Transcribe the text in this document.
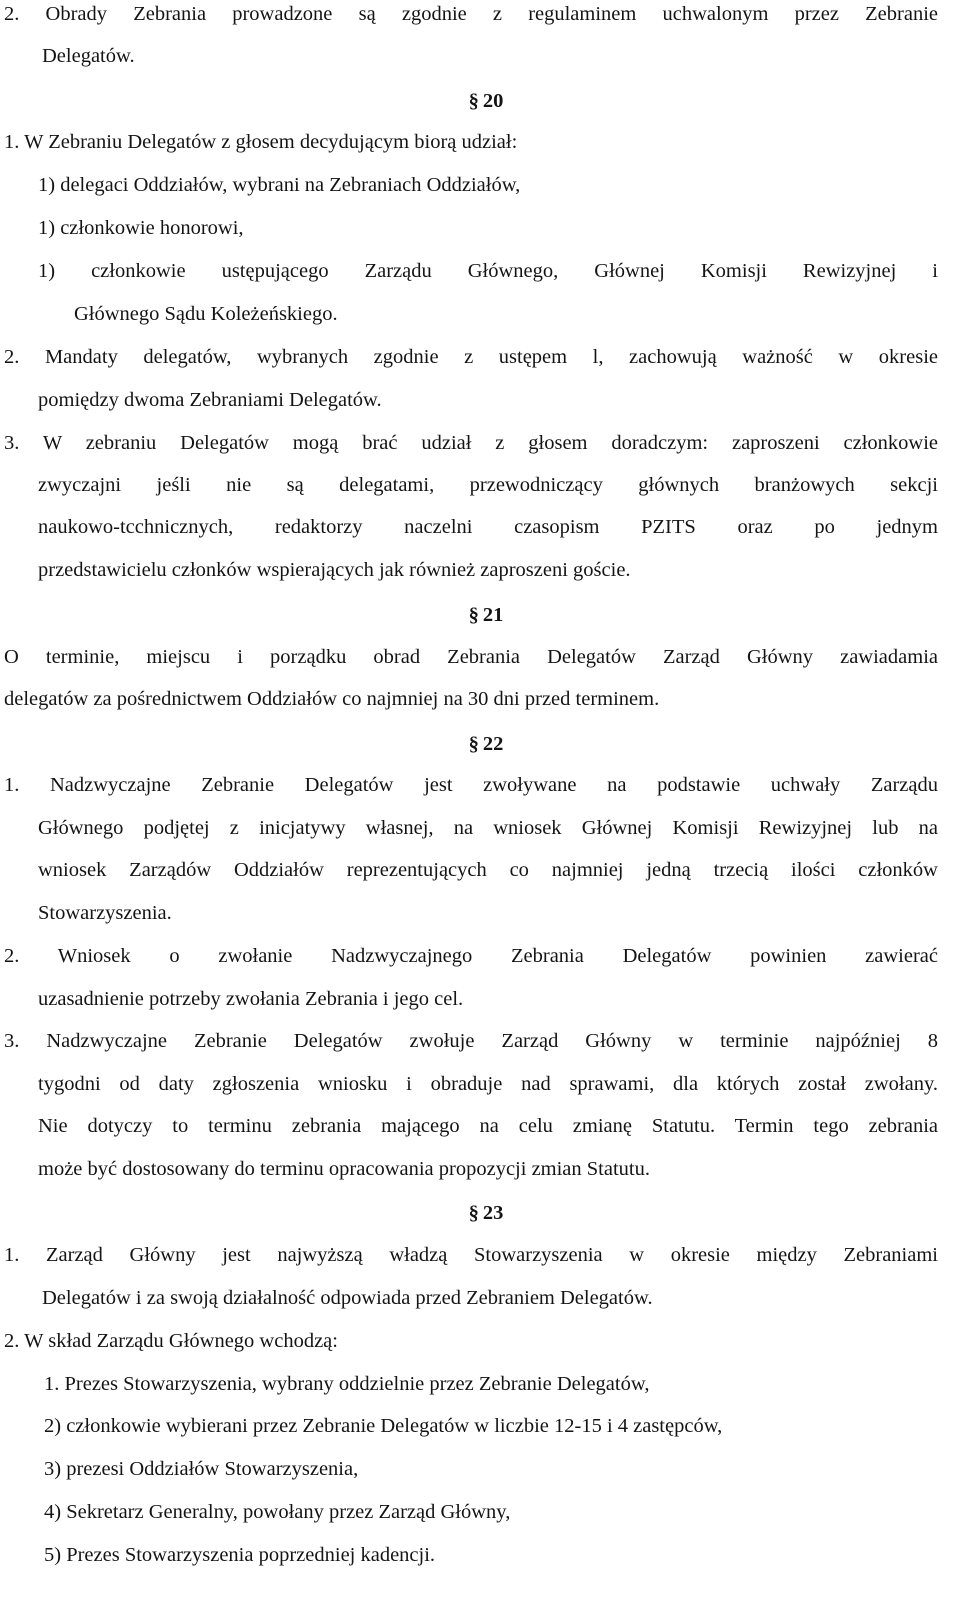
2. Obrady Zebrania prowadzone są zgodnie z regulaminem uchwalonym przez Zebranie
Delegatów.
§ 20
1. W Zebraniu Delegatów z głosem decydującym biorą udział:
1) delegaci Oddziałów, wybrani na Zebraniach Oddziałów,
1) członkowie honorowi,
1) członkowie ustępującego Zarządu Głównego, Głównej Komisji Rewizyjnej i
Głównego Sądu Koleżeńskiego.
2. Mandaty delegatów, wybranych zgodnie z ustępem l, zachowują ważność w okresie
pomiędzy dwoma Zebraniami Delegatów.
3. W zebraniu Delegatów mogą brać udział z głosem doradczym: zaproszeni członkowie
zwyczajni jeśli nie są delegatami, przewodniczący głównych branżowych sekcji
naukowo-tcchnicznych, redaktorzy naczelni czasopism PZITS oraz po jednym
przedstawicielu członków wspierających jak również zaproszeni goście.
§ 21
O terminie, miejscu i porządku obrad Zebrania Delegatów Zarząd Główny zawiadamia
delegatów za pośrednictwem Oddziałów co najmniej na 30 dni przed terminem.
§ 22
1. Nadzwyczajne Zebranie Delegatów jest zwoływane na podstawie uchwały Zarządu
Głównego podjętej z inicjatywy własnej, na wniosek Głównej Komisji Rewizyjnej lub na
wniosek Zarządów Oddziałów reprezentujących co najmniej jedną trzecią ilości członków
Stowarzyszenia.
2. Wniosek o zwołanie Nadzwyczajnego Zebrania Delegatów powinien zawierać
uzasadnienie potrzeby zwołania Zebrania i jego cel.
3. Nadzwyczajne Zebranie Delegatów zwołuje Zarząd Główny w terminie najpóźniej 8
tygodni od daty zgłoszenia wniosku i obraduje nad sprawami, dla których został zwołany.
Nie dotyczy to terminu zebrania mającego na celu zmianę Statutu. Termin tego zebrania
może być dostosowany do terminu opracowania propozycji zmian Statutu.
§ 23
1. Zarząd Główny jest najwyższą władzą Stowarzyszenia w okresie między Zebraniami
Delegatów i za swoją działalność odpowiada przed Zebraniem Delegatów.
2. W skład Zarządu Głównego wchodzą:
1. Prezes Stowarzyszenia, wybrany oddzielnie przez Zebranie Delegatów,
2) członkowie wybierani przez Zebranie Delegatów w liczbie 12-15 i 4 zastępców,
3) prezesi Oddziałów Stowarzyszenia,
4) Sekretarz Generalny, powołany przez Zarząd Główny,
5) Prezes Stowarzyszenia poprzedniej kadencji.
